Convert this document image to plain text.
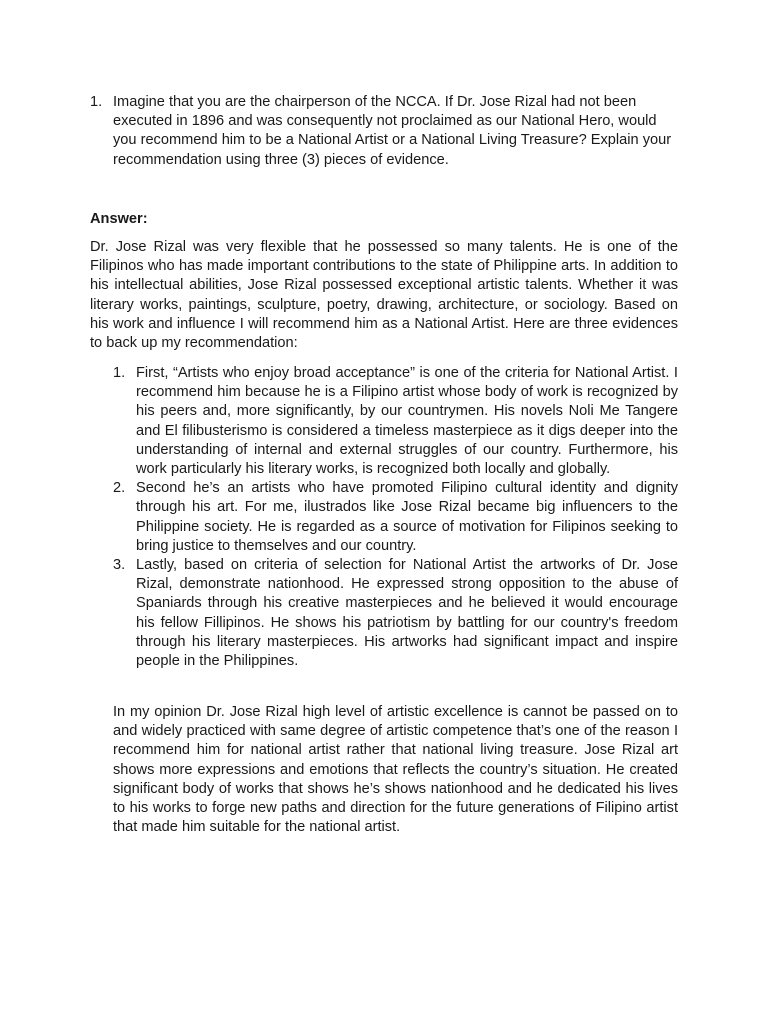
1. Imagine that you are the chairperson of the NCCA. If Dr. Jose Rizal had not been executed in 1896 and was consequently not proclaimed as our National Hero, would you recommend him to be a National Artist or a National Living Treasure? Explain your recommendation using three (3) pieces of evidence.
Answer:
Dr. Jose Rizal was very flexible that he possessed so many talents. He is one of the Filipinos who has made important contributions to the state of Philippine arts. In addition to his intellectual abilities, Jose Rizal possessed exceptional artistic talents. Whether it was literary works, paintings, sculpture, poetry, drawing, architecture, or sociology. Based on his work and influence I will recommend him as a National Artist. Here are three evidences to back up my recommendation:
1. First, “Artists who enjoy broad acceptance” is one of the criteria for National Artist. I recommend him because he is a Filipino artist whose body of work is recognized by his peers and, more significantly, by our countrymen. His novels Noli Me Tangere and El filibusterismo is considered a timeless masterpiece as it digs deeper into the understanding of internal and external struggles of our country. Furthermore, his work particularly his literary works, is recognized both locally and globally.
2. Second he’s an artists who have promoted Filipino cultural identity and dignity through his art. For me, ilustrados like Jose Rizal became big influencers to the Philippine society. He is regarded as a source of motivation for Filipinos seeking to bring justice to themselves and our country.
3. Lastly, based on criteria of selection for National Artist the artworks of Dr. Jose Rizal, demonstrate nationhood. He expressed strong opposition to the abuse of Spaniards through his creative masterpieces and he believed it would encourage his fellow Fillipinos. He shows his patriotism by battling for our country's freedom through his literary masterpieces. His artworks had significant impact and inspire people in the Philippines.
In my opinion Dr. Jose Rizal high level of artistic excellence is cannot be passed on to and widely practiced with same degree of artistic competence that’s one of the reason I recommend him for national artist rather that national living treasure. Jose Rizal art shows more expressions and emotions that reflects the country’s situation. He created significant body of works that shows he’s shows nationhood and he dedicated his lives to his works to forge new paths and direction for the future generations of Filipino artist that made him suitable for the national artist.
